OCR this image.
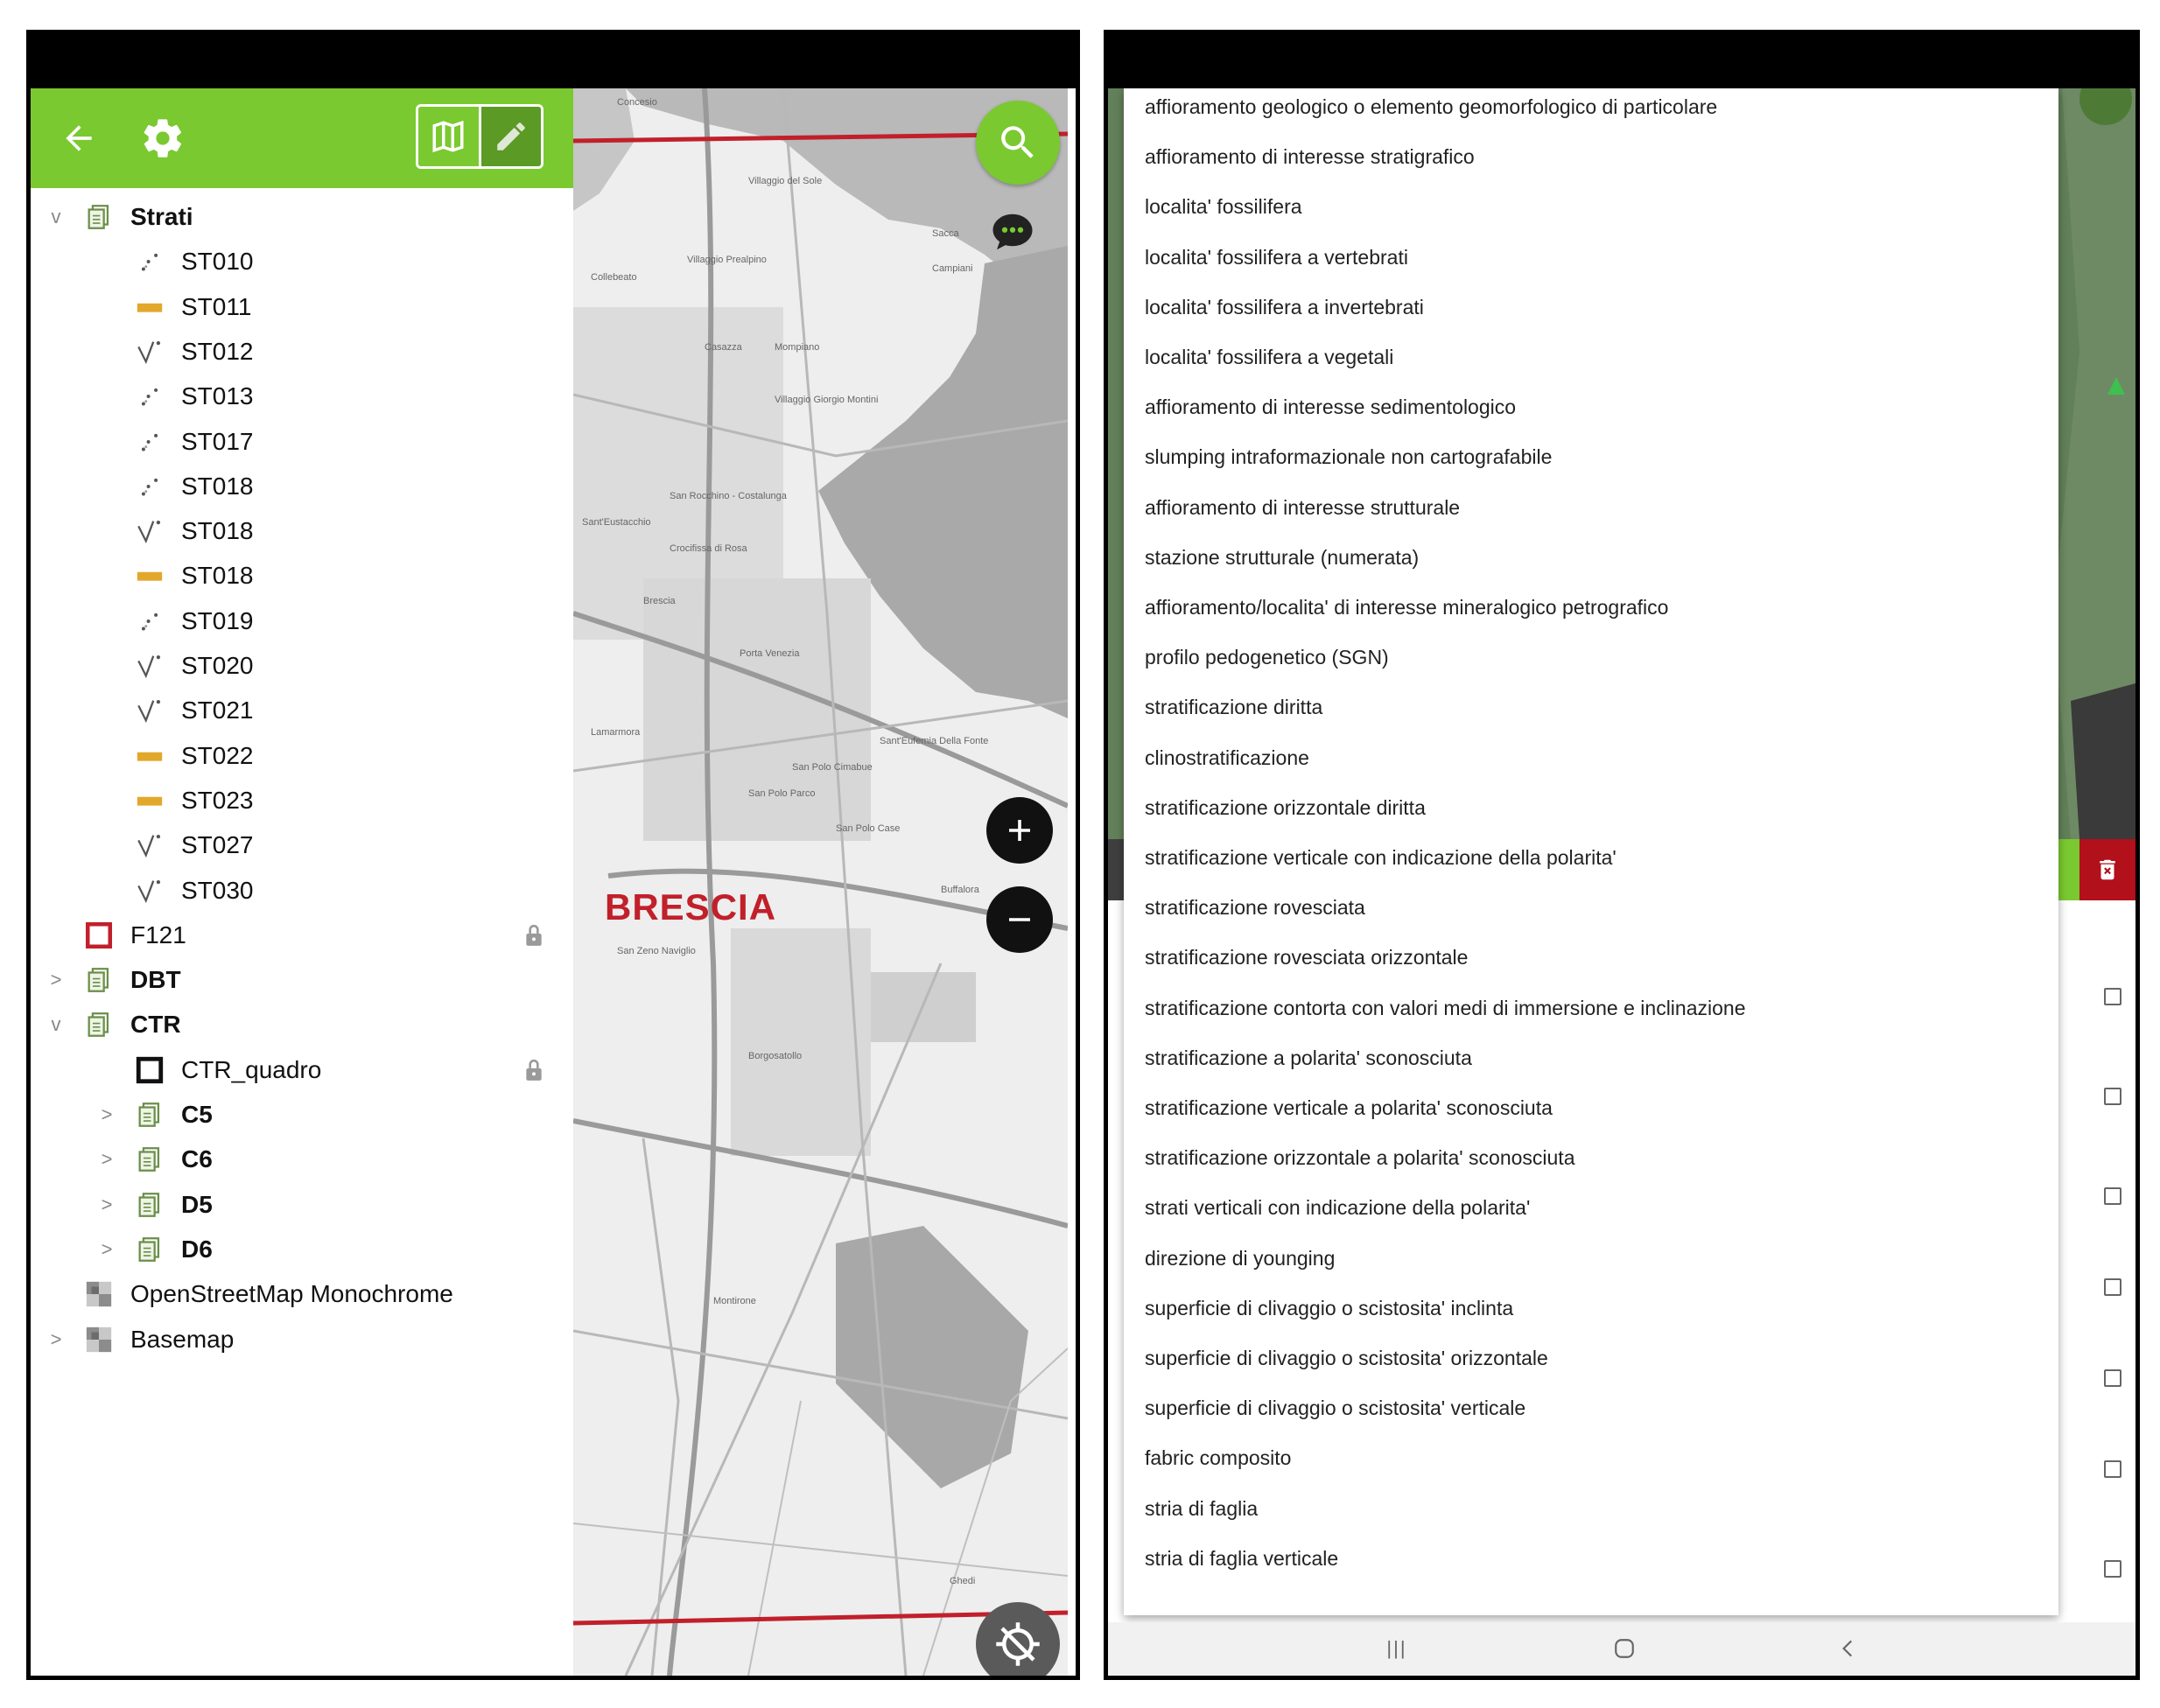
v	Strati
ST010
ST011
ST012
ST013
ST017
ST018
ST018
ST018
ST019
ST020
ST021
ST022
ST023
ST027
ST030
F121
>	DBT
v	CTR
CTR_quadro
>	C5
>	C6
>	D5
>	D6
OpenStreetMap Monochrome
>	Basemap
BRESCIA
Concesio
Villaggio del Sole
Villaggio Prealpino
Sacca
Campiani
Collebeato
Casazza	Mompiano
Villaggio Giorgio Montini
San Rocchino - Costalunga
Sant'Eustacchio
Crocifissa di Rosa
Brescia
Porta Venezia
Lamarmora
San Polo Cimabue
San Polo Parco
San Polo Case
Buffalora
San Zeno Naviglio
Borgosatollo
Montirone
Ghedi
Sant'Eufemia Della Fonte
affioramento geologico o elemento geomorfologico di particolare
affioramento di interesse stratigrafico
localita' fossilifera
localita' fossilifera a vertebrati
localita' fossilifera a invertebrati
localita' fossilifera a vegetali
affioramento di interesse sedimentologico
slumping intraformazionale non cartografabile
affioramento di interesse strutturale
stazione strutturale (numerata)
affioramento/localita' di interesse mineralogico petrografico
profilo pedogenetico (SGN)
stratificazione diritta
clinostratificazione
stratificazione orizzontale diritta
stratificazione verticale con indicazione della polarita'
stratificazione rovesciata
stratificazione rovesciata orizzontale
stratificazione contorta con valori medi di immersione e inclinazione
stratificazione a polarita' sconosciuta
stratificazione verticale a polarita' sconosciuta
stratificazione orizzontale a polarita' sconosciuta
strati verticali con indicazione della polarita'
direzione di younging
superficie di clivaggio o scistosita' inclinta
superficie di clivaggio o scistosita' orizzontale
superficie di clivaggio o scistosita' verticale
fabric composito
stria di faglia
stria di faglia verticale
|||
